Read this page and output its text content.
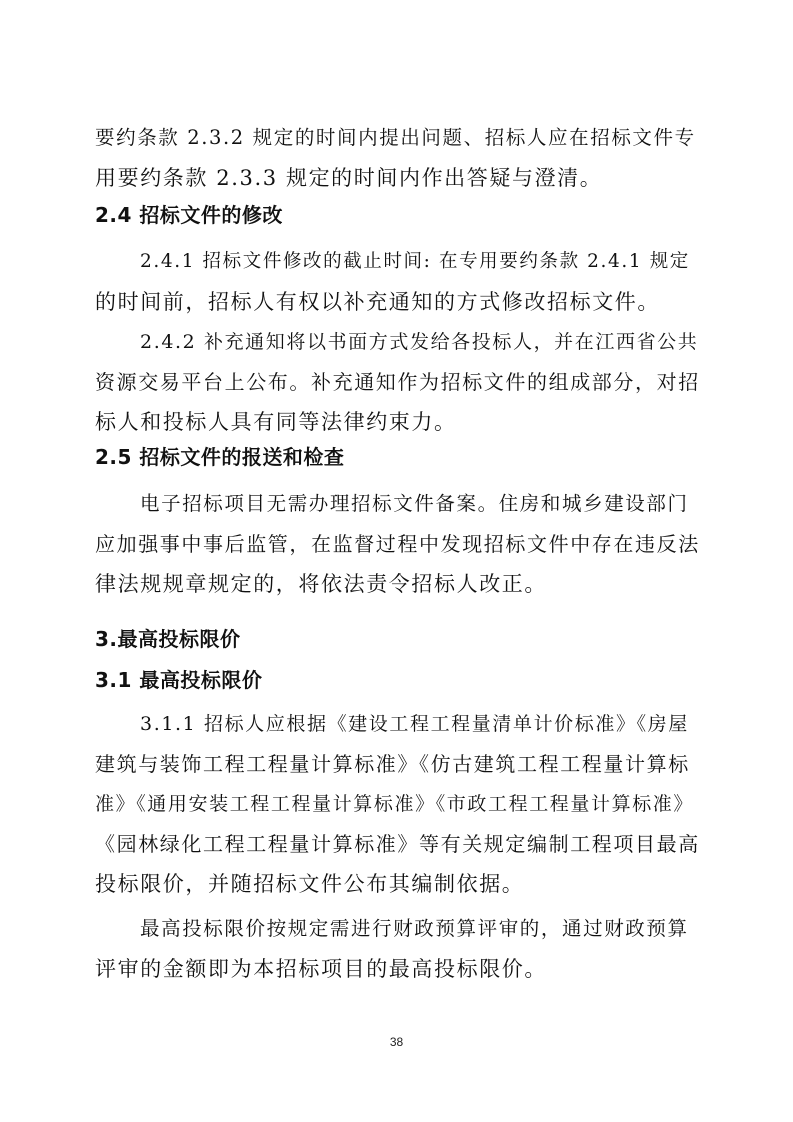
要约条款 2.3.2 规定的时间内提出问题、招标人应在招标文件专

用要约条款 2.3.3 规定的时间内作出答疑与澄清。

2.4 招标文件的修改

2.4.1 招标文件修改的截止时间: 在专用要约条款 2.4.1 规定

的时间前，招标人有权以补充通知的方式修改招标文件。

2.4.2 补充通知将以书面方式发给各投标人，并在江西省公共

资源交易平台上公布。补充通知作为招标文件的组成部分，对招

标人和投标人具有同等法律约束力。

2.5 招标文件的报送和检查

电子招标项目无需办理招标文件备案。住房和城乡建设部门

应加强事中事后监管，在监督过程中发现招标文件中存在违反法

律法规规章规定的，将依法责令招标人改正。

3.最高投标限价

3.1 最高投标限价

3.1.1 招标人应根据《建设工程工程量清单计价标准》《房屋

建筑与装饰工程工程量计算标准》《仿古建筑工程工程量计算标

准》《通用安装工程工程量计算标准》《市政工程工程量计算标准》

《园林绿化工程工程量计算标准》等有关规定编制工程项目最高

投标限价，并随招标文件公布其编制依据。

最高投标限价按规定需进行财政预算评审的，通过财政预算

评审的金额即为本招标项目的最高投标限价。

38
